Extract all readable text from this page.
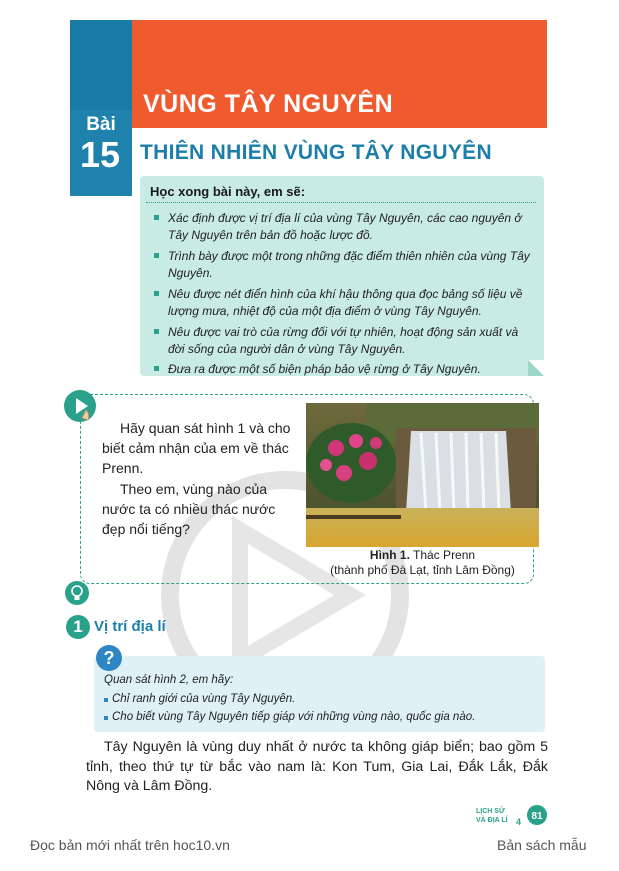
Bài
15
VÙNG TÂY NGUYÊN
THIÊN NHIÊN VÙNG TÂY NGUYÊN
Học xong bài này, em sẽ:
Xác định được vị trí địa lí của vùng Tây Nguyên, các cao nguyên ở Tây Nguyên trên bản đồ hoặc lược đồ.
Trình bày được một trong những đặc điểm thiên nhiên của vùng Tây Nguyên.
Nêu được nét điển hình của khí hậu thông qua đọc bảng số liệu về lượng mưa, nhiệt độ của một địa điểm ở vùng Tây Nguyên.
Nêu được vai trò của rừng đối với tự nhiên, hoạt động sản xuất và đời sống của người dân ở vùng Tây Nguyên.
Đưa ra được một số biện pháp bảo vệ rừng ở Tây Nguyên.
Hãy quan sát hình 1 và cho biết cảm nhận của em về thác Prenn.
Theo em, vùng nào của nước ta có nhiều thác nước đẹp nổi tiếng?
Hình 1. Thác Prenn
(thành phố Đà Lạt, tỉnh Lâm Đồng)
1 Vị trí địa lí
?
Quan sát hình 2, em hãy:
Chỉ ranh giới của vùng Tây Nguyên.
Cho biết vùng Tây Nguyên tiếp giáp với những vùng nào, quốc gia nào.
Tây Nguyên là vùng duy nhất ở nước ta không giáp biển; bao gồm 5 tỉnh, theo thứ tự từ bắc vào nam là: Kon Tum, Gia Lai, Đắk Lắk, Đắk Nông và Lâm Đồng.
LỊCH SỬ
VÀ ĐỊA LÍ 4 81
Đọc bản mới nhất trên hoc10.vn	Bản sách mẫu
